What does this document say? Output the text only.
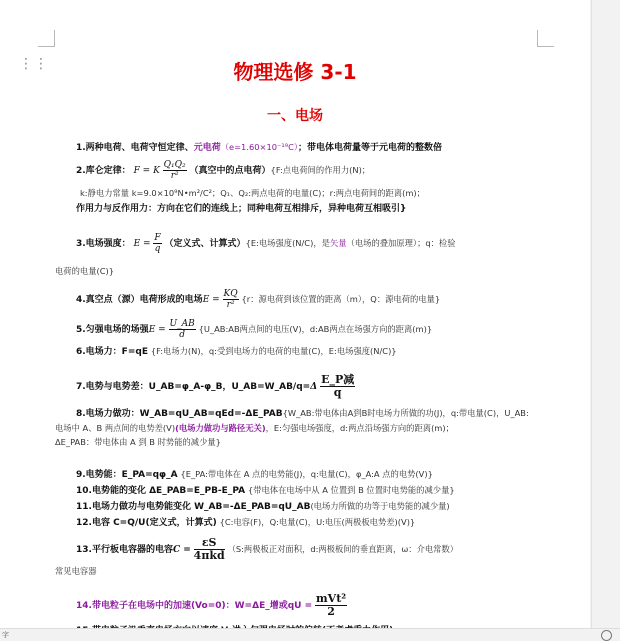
⋮⋮	物理选修 3-1
一、电场
1.两种电荷、电荷守恒定律、元电荷（e=1.60×10⁻¹⁹C）；带电体电荷量等于元电荷的整数倍
2.库仑定律： F = K $\frac{\text{Q₁Q₂}}{\text{r²}}$ （真空中的点电荷）{F:点电荷间的作用力(N)；
k:静电力常量 k=9.0×10⁹N•m²/C²；Q₁、Q₂:两点电荷的电量(C)；r:两点电荷间的距离(m)；
作用力与反作用力：方向在它们的连线上；同种电荷互相排斥，异种电荷互相吸引}
3.电场强度： $E = \frac{F}{q}$ （定义式、计算式）{E:电场强度(N/C)，是矢量（电场的叠加原理）；q：检验
电荷的电量(C)}
4.真空点（源）电荷形成的电场$E = \frac{KQ}{\text{r²}} \{r$：源电荷到该位置的距离（m），Q：源电荷的电量}
5.匀强电场的场强$E = \frac{U\_AB}{d}$ {U_AB:AB两点间的电压(V)，d:AB两点在场强方向的距离(m)}
6.电场力：F=qE {F:电场力(N)，q:受到电场力的电荷的电量(C)，E:电场强度(N/C)}
7.电势与电势差：U_AB=φ_A-φ_B，U_AB=W_AB/q=Δ $\frac{\text{E\_P减}}{q}$
8.电场力做功：W_AB=qU_AB=qEd=-ΔE_PAB{W_AB:带电体由A到B时电场力所做的功(J)，q:带电量(C)，U_AB:
电场中 A、B 两点间的电势差(V)(电场力做功与路径无关)，E:匀强电场强度，d:两点沿场强方向的距离(m)；
ΔE_PAB：带电体由 A 到 B 时势能的减少量}
9.电势能：E_PA=qφ_A {E_PA:带电体在 A 点的电势能(J)，q:电量(C)，φ_A:A 点的电势(V)}
10.电势能的变化 ΔE_PAB=E_PB-E_PA {带电体在电场中从 A 位置到 B 位置时电势能的减少量}
11.电场力做功与电势能变化 W_AB=-ΔE_PAB=qU_AB(电场力所做的功等于电势能的减少量)
12.电容 C=Q/U(定义式，计算式) {C:电容(F)，Q:电量(C)，U:电压(两极板电势差)(V)}
13.平行板电容器的电容$C = \frac{\varepsilon S}{\text{4πkd}} (S$:两极板正对面积，d:两极板间的垂直距离，ω：介电常数）
常见电容器
14.带电粒子在电场中的加速(Vo=0)：W=ΔE_增或qU = $\frac{\text{mVt²}}{2}$
字
